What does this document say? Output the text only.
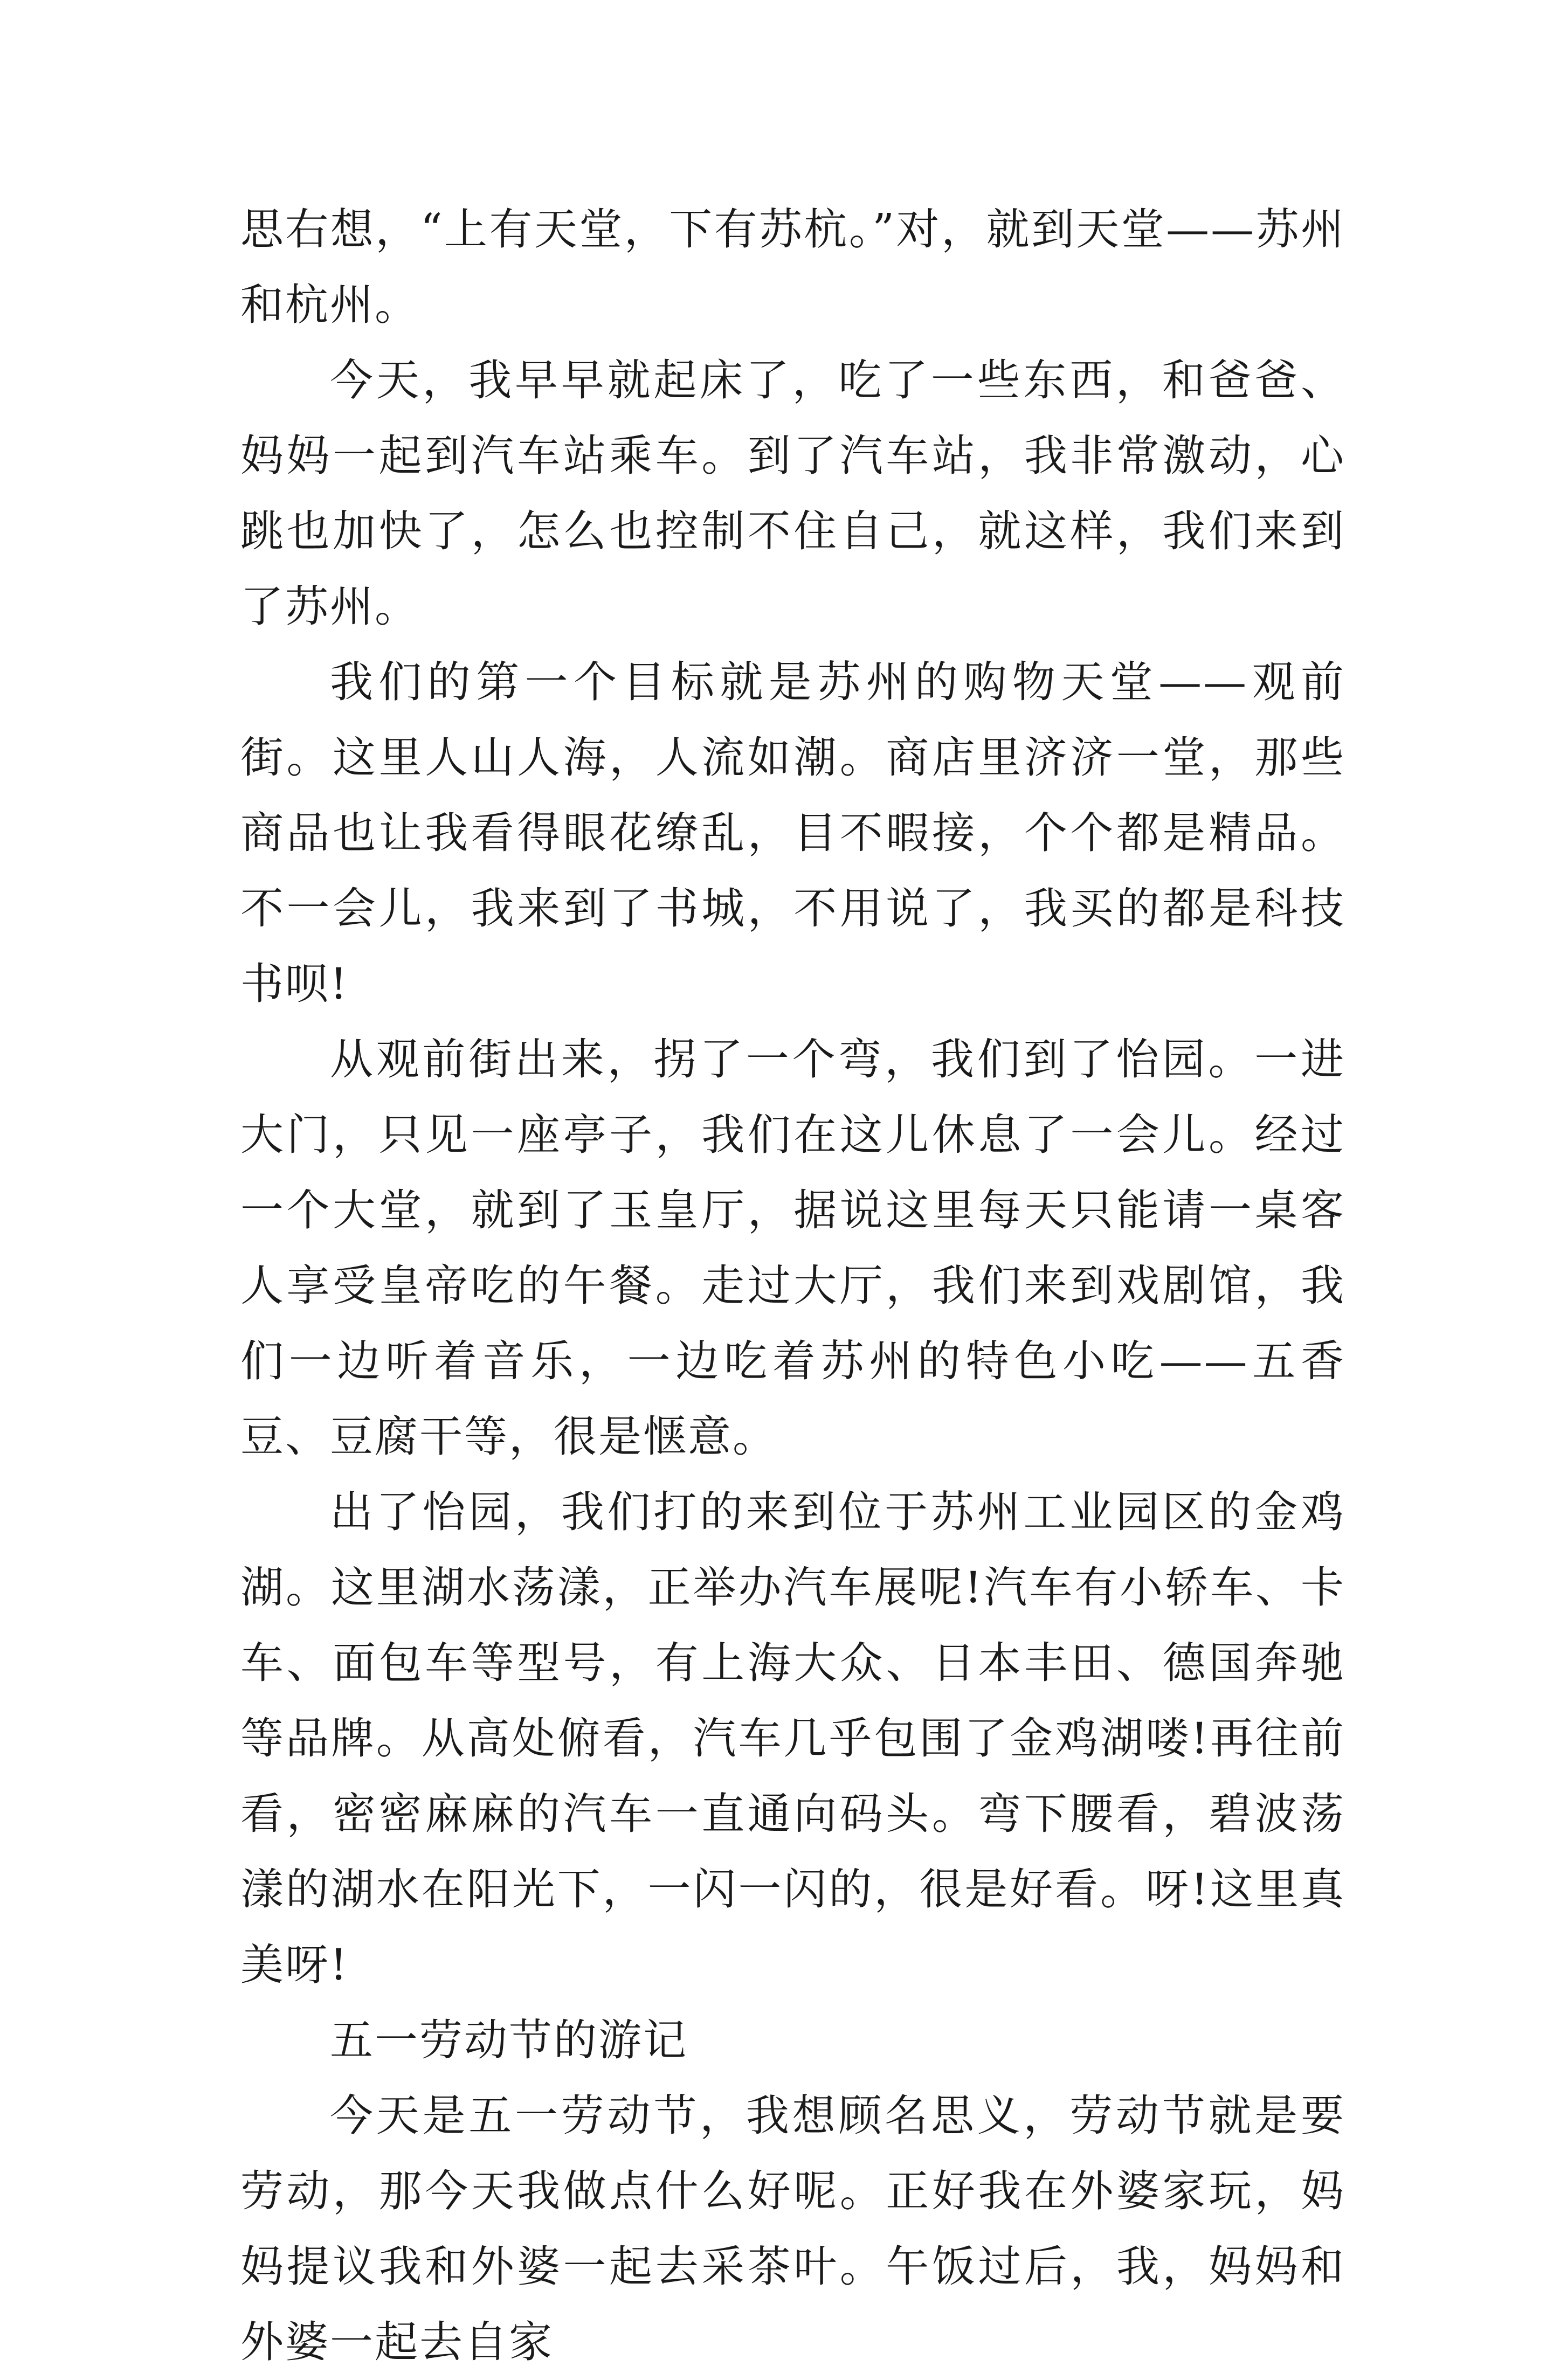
思右想，“上有天堂，下有苏杭。”对，就到天堂——苏州和杭州。

今天，我早早就起床了，吃了一些东西，和爸爸、妈妈一起到汽车站乘车。到了汽车站，我非常激动，心跳也加快了，怎么也控制不住自己，就这样，我们来到了苏州。

我们的第一个目标就是苏州的购物天堂——观前街。这里人山人海，人流如潮。商店里济济一堂，那些商品也让我看得眼花缭乱，目不暇接，个个都是精品。不一会儿，我来到了书城，不用说了，我买的都是科技书呗!

从观前街出来，拐了一个弯，我们到了怡园。一进大门，只见一座亭子，我们在这儿休息了一会儿。经过一个大堂，就到了玉皇厅，据说这里每天只能请一桌客人享受皇帝吃的午餐。走过大厅，我们来到戏剧馆，我们一边听着音乐，一边吃着苏州的特色小吃——五香豆、豆腐干等，很是惬意。

出了怡园，我们打的来到位于苏州工业园区的金鸡湖。这里湖水荡漾，正举办汽车展呢!汽车有小轿车、卡车、面包车等型号，有上海大众、日本丰田、德国奔驰等品牌。从高处俯看，汽车几乎包围了金鸡湖喽!再往前看，密密麻麻的汽车一直通向码头。弯下腰看，碧波荡漾的湖水在阳光下，一闪一闪的，很是好看。呀!这里真美呀!

五一劳动节的游记

今天是五一劳动节，我想顾名思义，劳动节就是要劳动，那今天我做点什么好呢。正好我在外婆家玩，妈妈提议我和外婆一起去采茶叶。午饭过后，我，妈妈和外婆一起去自家
